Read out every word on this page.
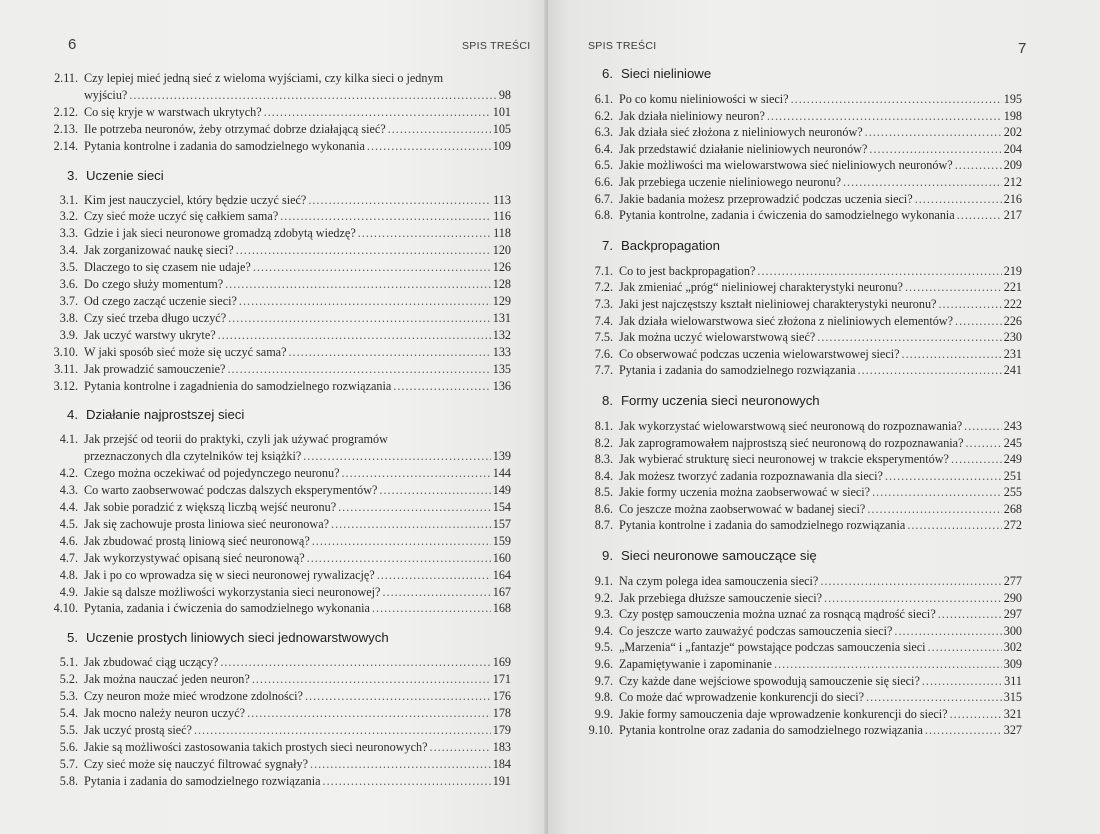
6	SPIS TREŚCI
2.11. Czy lepiej mieć jedną sieć z wieloma wyjściami, czy kilka sieci o jednym
wyjściu? .....	98
2.12. Co się kryje w warstwach ukrytych? .....	101
2.13. Ile potrzeba neuronów, żeby otrzymać dobrze działającą sieć? .....	105
2.14. Pytania kontrolne i zadania do samodzielnego wykonania .....	109
3. Uczenie sieci
3.1. Kim jest nauczyciel, który będzie uczyć sieć? .....	113
3.2. Czy sieć może uczyć się całkiem sama? .....	116
3.3. Gdzie i jak sieci neuronowe gromadzą zdobytą wiedzę? .....	118
3.4. Jak zorganizować naukę sieci? .....	120
3.5. Dlaczego to się czasem nie udaje? .....	126
3.6. Do czego służy momentum? .....	128
3.7. Od czego zacząć uczenie sieci? .....	129
3.8. Czy sieć trzeba długo uczyć? .....	131
3.9. Jak uczyć warstwy ukryte? .....	132
3.10. W jaki sposób sieć może się uczyć sama? .....	133
3.11. Jak prowadzić samouczenie? .....	135
3.12. Pytania kontrolne i zagadnienia do samodzielnego rozwiązania .....	136
4. Działanie najprostszej sieci
4.1. Jak przejść od teorii do praktyki, czyli jak używać programów
przeznaczonych dla czytelników tej książki? .....	139
4.2. Czego można oczekiwać od pojedynczego neuronu? .....	144
4.3. Co warto zaobserwować podczas dalszych eksperymentów? .....	149
4.4. Jak sobie poradzić z większą liczbą wejść neuronu? .....	154
4.5. Jak się zachowuje prosta liniowa sieć neuronowa? .....	157
4.6. Jak zbudować prostą liniową sieć neuronową? .....	159
4.7. Jak wykorzystywać opisaną sieć neuronową? .....	160
4.8. Jak i po co wprowadza się w sieci neuronowej rywalizację? .....	164
4.9. Jakie są dalsze możliwości wykorzystania sieci neuronowej? .....	167
4.10. Pytania, zadania i ćwiczenia do samodzielnego wykonania .....	168
5. Uczenie prostych liniowych sieci jednowarstwowych
5.1. Jak zbudować ciąg uczący? .....	169
5.2. Jak można nauczać jeden neuron? .....	171
5.3. Czy neuron może mieć wrodzone zdolności? .....	176
5.4. Jak mocno należy neuron uczyć? .....	178
5.5. Jak uczyć prostą sieć? .....	179
5.6. Jakie są możliwości zastosowania takich prostych sieci neuronowych? .....	183
5.7. Czy sieć może się nauczyć filtrować sygnały? .....	184
5.8. Pytania i zadania do samodzielnego rozwiązania .....	191
SPIS TREŚCI	7
6. Sieci nieliniowe
6.1. Po co komu nieliniowości w sieci? .....	195
6.2. Jak działa nieliniowy neuron? .....	198
6.3. Jak działa sieć złożona z nieliniowych neuronów? .....	202
6.4. Jak przedstawić działanie nieliniowych neuronów? .....	204
6.5. Jakie możliwości ma wielowarstwowa sieć nieliniowych neuronów? .....	209
6.6. Jak przebiega uczenie nieliniowego neuronu? .....	212
6.7. Jakie badania możesz przeprowadzić podczas uczenia sieci? .....	216
6.8. Pytania kontrolne, zadania i ćwiczenia do samodzielnego wykonania .....	217
7. Backpropagation
7.1. Co to jest backpropagation? .....	219
7.2. Jak zmieniać „próg“ nieliniowej charakterystyki neuronu? .....	221
7.3. Jaki jest najczęstszy kształt nieliniowej charakterystyki neuronu? .....	222
7.4. Jak działa wielowarstwowa sieć złożona z nieliniowych elementów? .....	226
7.5. Jak można uczyć wielowarstwową sieć? .....	230
7.6. Co obserwować podczas uczenia wielowarstwowej sieci? .....	231
7.7. Pytania i zadania do samodzielnego rozwiązania .....	241
8. Formy uczenia sieci neuronowych
8.1. Jak wykorzystać wielowarstwową sieć neuronową do rozpoznawania? .....	243
8.2. Jak zaprogramowałem najprostszą sieć neuronową do rozpoznawania? .....	245
8.3. Jak wybierać strukturę sieci neuronowej w trakcie eksperymentów? .....	249
8.4. Jak możesz tworzyć zadania rozpoznawania dla sieci? .....	251
8.5. Jakie formy uczenia można zaobserwować w sieci? .....	255
8.6. Co jeszcze można zaobserwować w badanej sieci? .....	268
8.7. Pytania kontrolne i zadania do samodzielnego rozwiązania .....	272
9. Sieci neuronowe samouczące się
9.1. Na czym polega idea samouczenia sieci? .....	277
9.2. Jak przebiega dłuższe samouczenie sieci? .....	290
9.3. Czy postęp samouczenia można uznać za rosnącą mądrość sieci? .....	297
9.4. Co jeszcze warto zauważyć podczas samouczenia sieci? .....	300
9.5. „Marzenia“ i „fantazje“ powstające podczas samouczenia sieci .....	302
9.6. Zapamiętywanie i zapominanie .....	309
9.7. Czy każde dane wejściowe spowodują samouczenie się sieci? .....	311
9.8. Co może dać wprowadzenie konkurencji do sieci? .....	315
9.9. Jakie formy samouczenia daje wprowadzenie konkurencji do sieci? .....	321
9.10. Pytania kontrolne oraz zadania do samodzielnego rozwiązania .....	327
